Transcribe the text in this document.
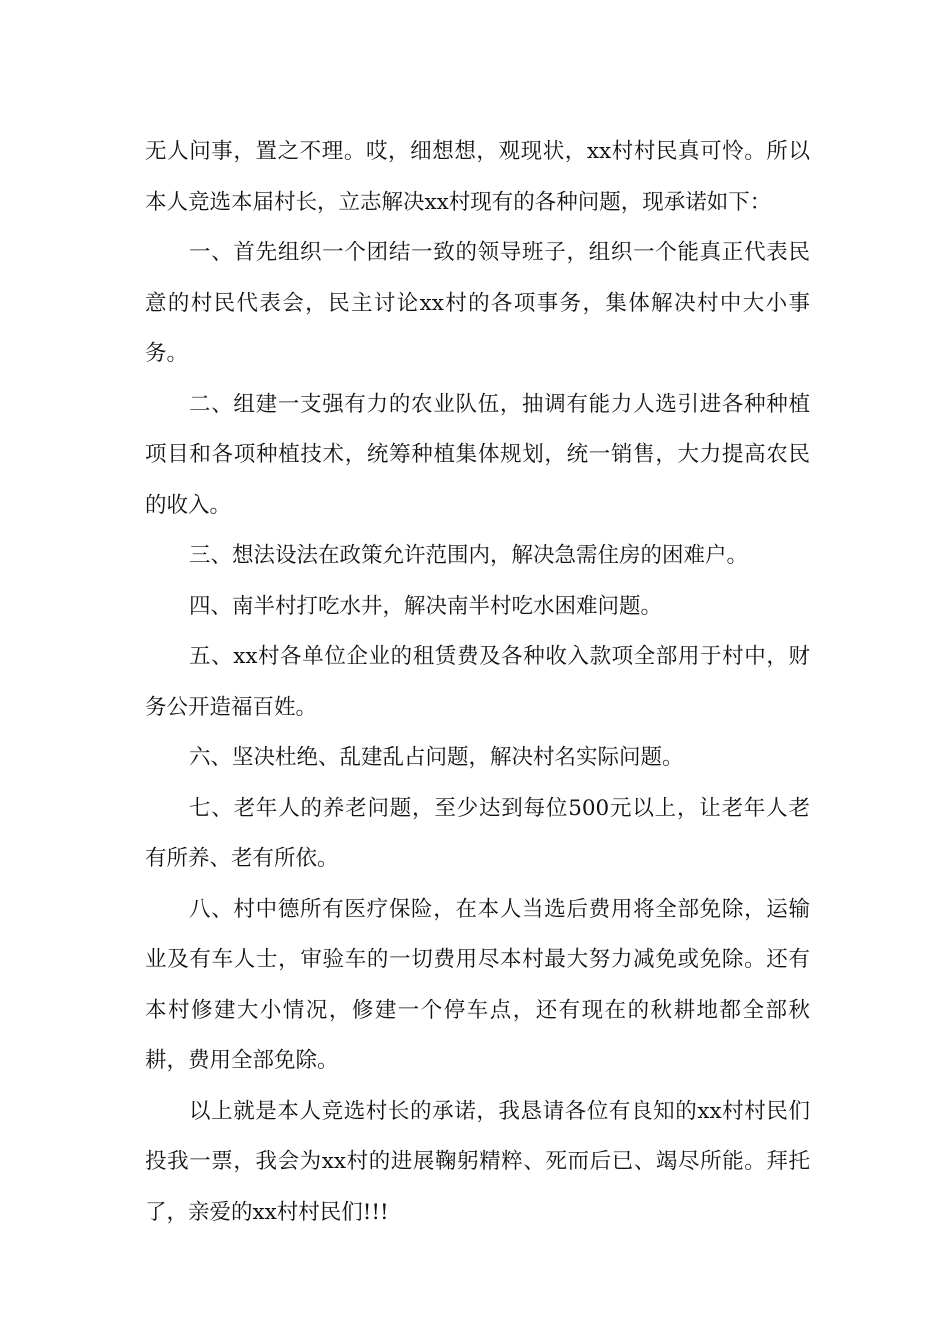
无人问事，置之不理。哎，细想想，观现状，xx村村民真可怜。所以本人竞选本届村长，立志解决xx村现有的各种问题，现承诺如下：

一、首先组织一个团结一致的领导班子，组织一个能真正代表民意的村民代表会，民主讨论xx村的各项事务，集体解决村中大小事务。

二、组建一支强有力的农业队伍，抽调有能力人选引进各种种植项目和各项种植技术，统筹种植集体规划，统一销售，大力提高农民的收入。

三、想法设法在政策允许范围内，解决急需住房的困难户。

四、南半村打吃水井，解决南半村吃水困难问题。

五、xx村各单位企业的租赁费及各种收入款项全部用于村中，财务公开造福百姓。

六、坚决杜绝、乱建乱占问题，解决村名实际问题。

七、老年人的养老问题，至少达到每位500元以上，让老年人老有所养、老有所依。

八、村中德所有医疗保险，在本人当选后费用将全部免除，运输业及有车人士，审验车的一切费用尽本村最大努力减免或免除。还有本村修建大小情况，修建一个停车点，还有现在的秋耕地都全部秋耕，费用全部免除。

以上就是本人竞选村长的承诺，我恳请各位有良知的xx村村民们投我一票，我会为xx村的进展鞠躬精粹、死而后已、竭尽所能。拜托了，亲爱的xx村村民们!!!
